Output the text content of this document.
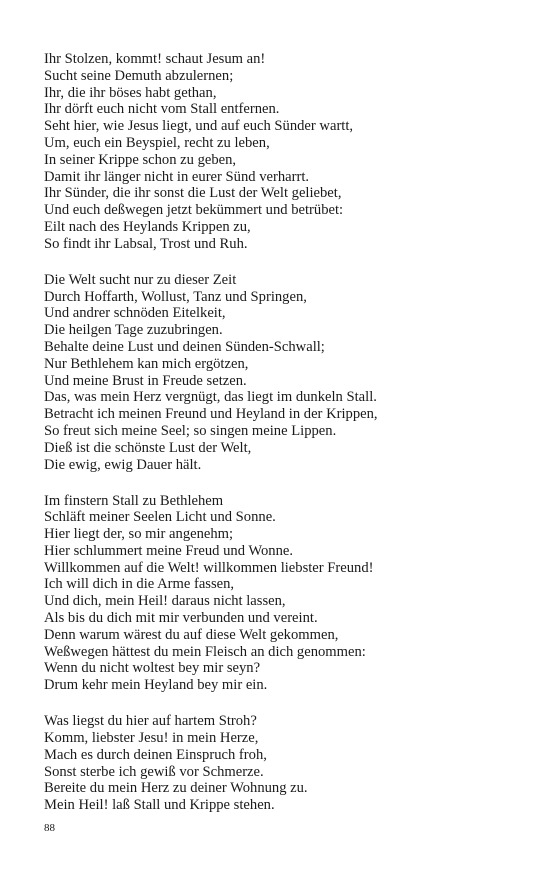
Ihr Stolzen, kommt! schaut Jesum an!
Sucht seine Demuth abzulernen;
Ihr, die ihr böses habt gethan,
Ihr dörft euch nicht vom Stall entfernen.
Seht hier, wie Jesus liegt, und auf euch Sünder wartt,
Um, euch ein Beyspiel, recht zu leben,
In seiner Krippe schon zu geben,
Damit ihr länger nicht in eurer Sünd verharrt.
Ihr Sünder, die ihr sonst die Lust der Welt geliebet,
Und euch deßwegen jetzt bekümmert und betrübet:
Eilt nach des Heylands Krippen zu,
So findt ihr Labsal, Trost und Ruh.
Die Welt sucht nur zu dieser Zeit
Durch Hoffarth, Wollust, Tanz und Springen,
Und andrer schnöden Eitelkeit,
Die heilgen Tage zuzubringen.
Behalte deine Lust und deinen Sünden-Schwall;
Nur Bethlehem kan mich ergötzen,
Und meine Brust in Freude setzen.
Das, was mein Herz vergnügt, das liegt im dunkeln Stall.
Betracht ich meinen Freund und Heyland in der Krippen,
So freut sich meine Seel; so singen meine Lippen.
Dieß ist die schönste Lust der Welt,
Die ewig, ewig Dauer hält.
Im finstern Stall zu Bethlehem
Schläft meiner Seelen Licht und Sonne.
Hier liegt der, so mir angenehm;
Hier schlummert meine Freud und Wonne.
Willkommen auf die Welt! willkommen liebster Freund!
Ich will dich in die Arme fassen,
Und dich, mein Heil! daraus nicht lassen,
Als bis du dich mit mir verbunden und vereint.
Denn warum wärest du auf diese Welt gekommen,
Weßwegen hättest du mein Fleisch an dich genommen:
Wenn du nicht woltest bey mir seyn?
Drum kehr mein Heyland bey mir ein.
Was liegst du hier auf hartem Stroh?
Komm, liebster Jesu! in mein Herze,
Mach es durch deinen Einspruch froh,
Sonst sterbe ich gewiß vor Schmerze.
Bereite du mein Herz zu deiner Wohnung zu.
Mein Heil! laß Stall und Krippe stehen.
88
